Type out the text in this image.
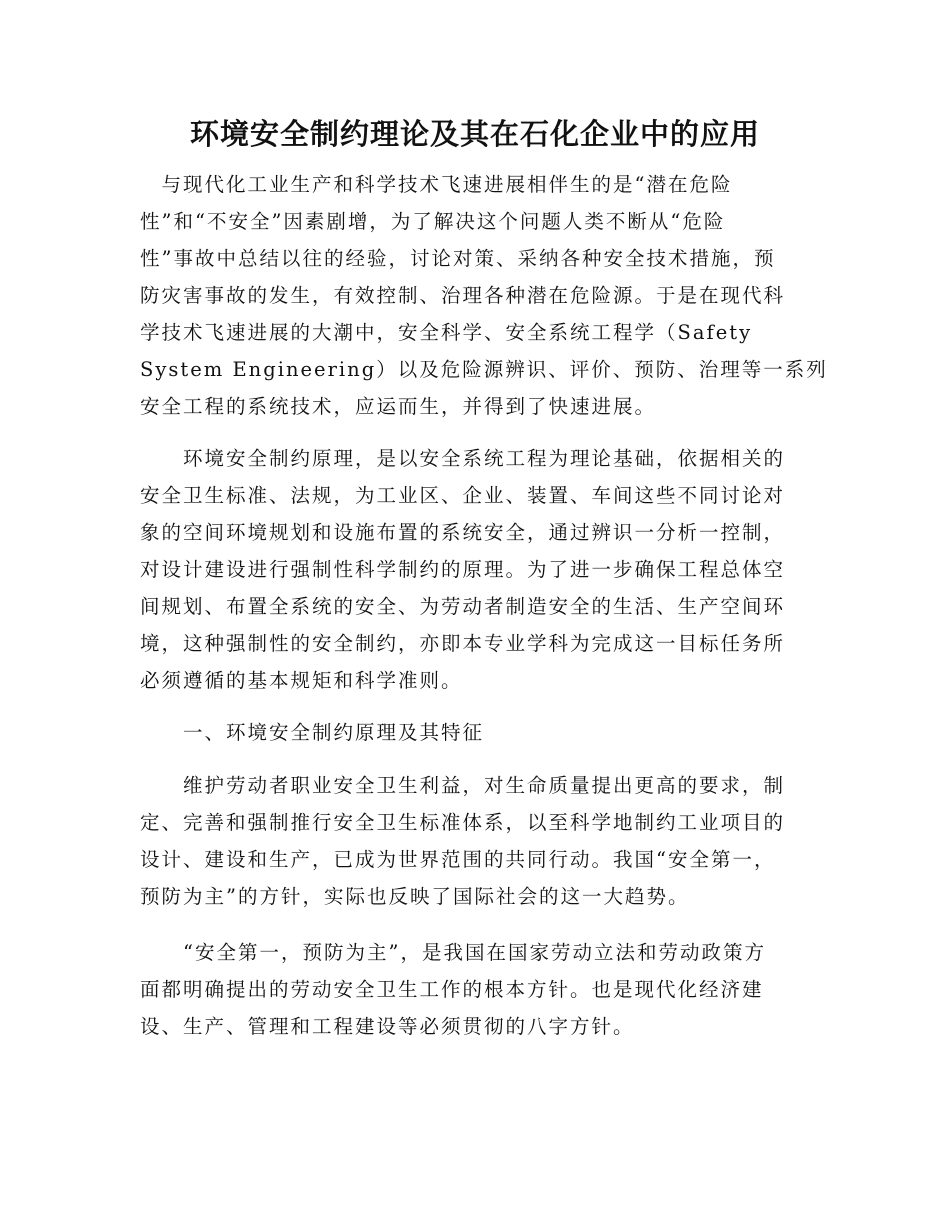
环境安全制约理论及其在石化企业中的应用
　与现代化工业生产和科学技术飞速进展相伴生的是“潜在危险
性”和“不安全”因素剧增，为了解决这个问题人类不断从“危险
性”事故中总结以往的经验，讨论对策、采纳各种安全技术措施，预
防灾害事故的发生，有效控制、治理各种潜在危险源。于是在现代科
学技术飞速进展的大潮中，安全科学、安全系统工程学（Safety
System Engineering）以及危险源辨识、评价、预防、治理等一系列
安全工程的系统技术，应运而生，并得到了快速进展。
　　环境安全制约原理，是以安全系统工程为理论基础，依据相关的
安全卫生标准、法规，为工业区、企业、装置、车间这些不同讨论对
象的空间环境规划和设施布置的系统安全，通过辨识一分析一控制，
对设计建设进行强制性科学制约的原理。为了进一步确保工程总体空
间规划、布置全系统的安全、为劳动者制造安全的生活、生产空间环
境，这种强制性的安全制约，亦即本专业学科为完成这一目标任务所
必须遵循的基本规矩和科学准则。
　　一、环境安全制约原理及其特征
　　维护劳动者职业安全卫生利益，对生命质量提出更高的要求，制
定、完善和强制推行安全卫生标准体系，以至科学地制约工业项目的
设计、建设和生产，已成为世界范围的共同行动。我国“安全第一，
预防为主”的方针，实际也反映了国际社会的这一大趋势。
　　“安全第一，预防为主”，是我国在国家劳动立法和劳动政策方
面都明确提出的劳动安全卫生工作的根本方针。也是现代化经济建
设、生产、管理和工程建设等必须贯彻的八字方针。
